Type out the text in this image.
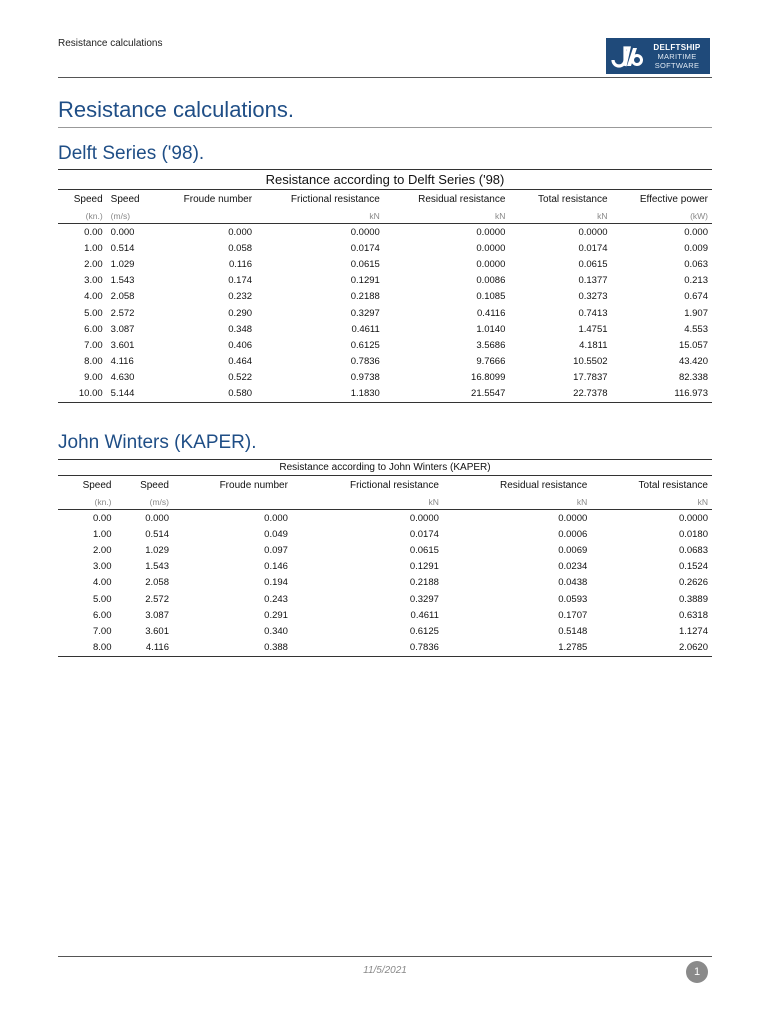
Resistance calculations	DELFTSHIP
MARITIME
SOFTWARE
Resistance calculations.
Delft Series ('98).
Resistance according to Delft Series ('98)						
Speed	Speed	Froude number	Frictional resistance	Residual resistance	Total resistance	Effective power
(kn.)	(m/s)		kN	kN	kN	(kW)
0.00	0.000	0.000	0.0000	0.0000	0.0000	0.000
1.00	0.514	0.058	0.0174	0.0000	0.0174	0.009
2.00	1.029	0.116	0.0615	0.0000	0.0615	0.063
3.00	1.543	0.174	0.1291	0.0086	0.1377	0.213
4.00	2.058	0.232	0.2188	0.1085	0.3273	0.674
5.00	2.572	0.290	0.3297	0.4116	0.7413	1.907
6.00	3.087	0.348	0.4611	1.0140	1.4751	4.553
7.00	3.601	0.406	0.6125	3.5686	4.1811	15.057
8.00	4.116	0.464	0.7836	9.7666	10.5502	43.420
9.00	4.630	0.522	0.9738	16.8099	17.7837	82.338
10.00	5.144	0.580	1.1830	21.5547	22.7378	116.973
John Winters (KAPER).
Resistance according to John Winters (KAPER)					
Speed	Speed	Froude number	Frictional resistance	Residual resistance	Total resistance
(kn.)	(m/s)		kN	kN	kN
0.00	0.000	0.000	0.0000	0.0000	0.0000
1.00	0.514	0.049	0.0174	0.0006	0.0180
2.00	1.029	0.097	0.0615	0.0069	0.0683
3.00	1.543	0.146	0.1291	0.0234	0.1524
4.00	2.058	0.194	0.2188	0.0438	0.2626
5.00	2.572	0.243	0.3297	0.0593	0.3889
6.00	3.087	0.291	0.4611	0.1707	0.6318
7.00	3.601	0.340	0.6125	0.5148	1.1274
8.00	4.116	0.388	0.7836	1.2785	2.0620
11/5/2021	1
